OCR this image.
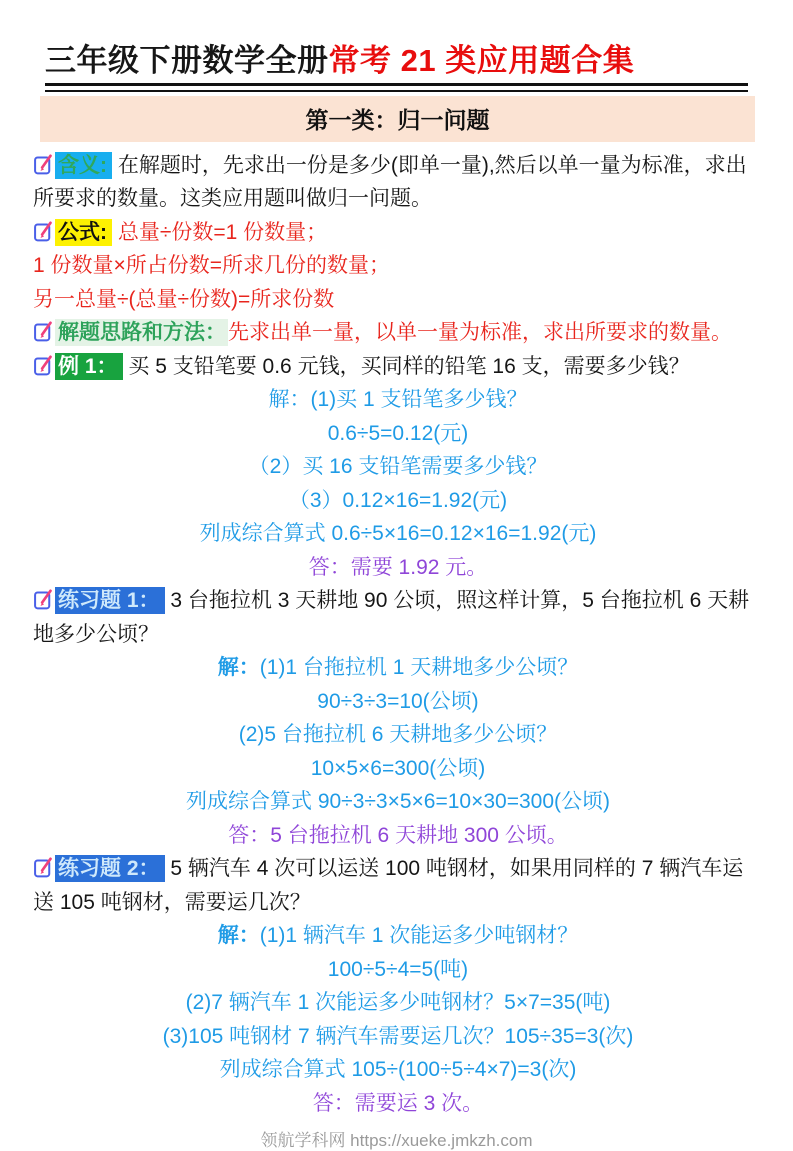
三年级下册数学全册常考 21 类应用题合集
第一类：归一问题

含义: 在解题时，先求出一份是多少(即单一量),然后以单一量为标准，求出所要求的数量。这类应用题叫做归一问题。

公式: 总量÷份数=1 份数量；

1 份数量×所占份数=所求几份的数量；

另一总量÷(总量÷份数)=所求份数

解题思路和方法：先求出单一量，以单一量为标准，求出所要求的数量。

例 1： 买 5 支铅笔要 0.6 元钱，买同样的铅笔 16 支，需要多少钱？

解：(1)买 1 支铅笔多少钱？

0.6÷5=0.12(元)

（2）买 16 支铅笔需要多少钱？

（3）0.12×16=1.92(元)

列成综合算式 0.6÷5×16=0.12×16=1.92(元)

答：需要 1.92 元。

练习题 1： 3 台拖拉机 3 天耕地 90 公顷，照这样计算，5 台拖拉机 6 天耕地多少公顷？

解：(1)1 台拖拉机 1 天耕地多少公顷？

90÷3÷3=10(公顷)

(2)5 台拖拉机 6 天耕地多少公顷？

10×5×6=300(公顷)

列成综合算式 90÷3÷3×5×6=10×30=300(公顷)

答：5 台拖拉机 6 天耕地 300 公顷。

练习题 2： 5 辆汽车 4 次可以运送 100 吨钢材，如果用同样的 7 辆汽车运送 105 吨钢材，需要运几次？

解：(1)1 辆汽车 1 次能运多少吨钢材？

100÷5÷4=5(吨)

(2)7 辆汽车 1 次能运多少吨钢材？5×7=35(吨)

(3)105 吨钢材 7 辆汽车需要运几次？105÷35=3(次)

列成综合算式 105÷(100÷5÷4×7)=3(次)

答：需要运 3 次。

领航学科网 https://xueke.jmkzh.com
